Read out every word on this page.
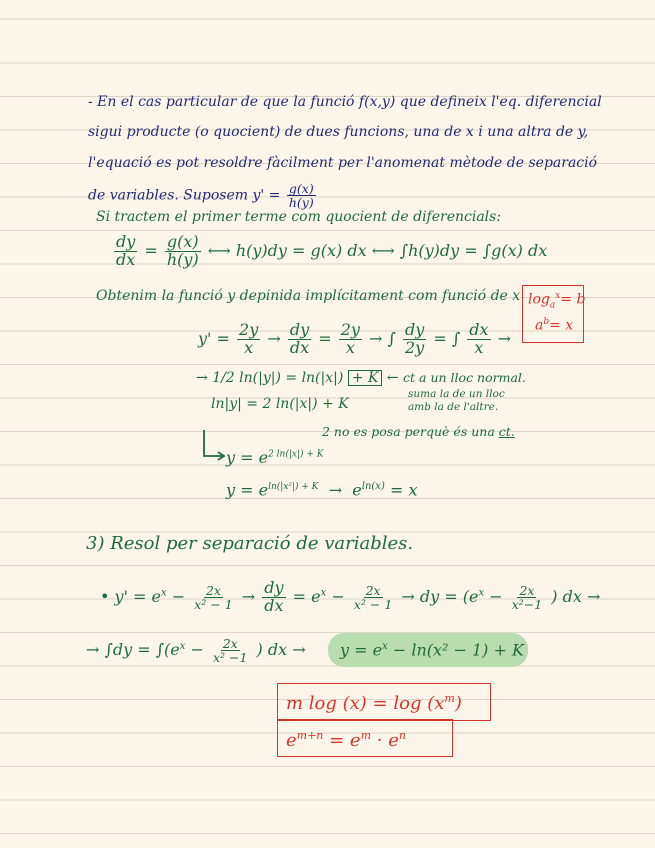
- En el cas particular de que la funció f(x,y) que defineix l'eq. diferencial
sigui producte (o quocient) de dues funcions, una de x i una altra de y,
l'equació es pot resoldre fàcilment per l'anomenat mètode de separació
de variables. Suposem $y' = \frac{g(x)}{h(y)}$
Si tractem el primer terme com quocient de diferencials:
$\frac{dy}{dx} = \frac{g(x)}{h(y)}$ ⟷ h(y)dy = g(x) dx ⟷ ∫h(y)dy = ∫g(x) dx
Obtenim la funció y depinida implícitament com funció de x $\log_a^x= b$
$a^b= x$
$y' = \frac{2y}{x} \to \frac{dy}{dx} = \frac{2y}{x}$ → ∫ $\frac{dy}{2y}$ = ∫ $\frac{dx}{x}$ →
→ 1/2 ln(|y|) = ln(|x|) + K ← ct a un lloc normal.
suma la de un lloc
amb la de l'altre.
ln|y| = 2 ln(|x|) + K
2 no es posa perquè és una ct.
$y = e^{2 ln(|x|) + K}$
$y = e^{ln(|x^2|) + K} \to e^{ln(x)} = x$
3) Resol per separació de variables.
• $y' = e^x - \frac{2x}{\text{x² − 1}} \to \frac{dy}{dx} = e^x - \frac{2x}{\text{x² − 1}}$ → dy = ($e^x - \frac{2x}{\text{x²−1}}$ ) dx →
→ $\int dy = \int(e^x - \frac{2x}{\text{x² −1}}$ ) dx → $y = e^x - \ln(x^2 - 1) + K$
m $\log (x) = \log (x^m)$
$e^{m+n} = e^m \cdot e^n$
